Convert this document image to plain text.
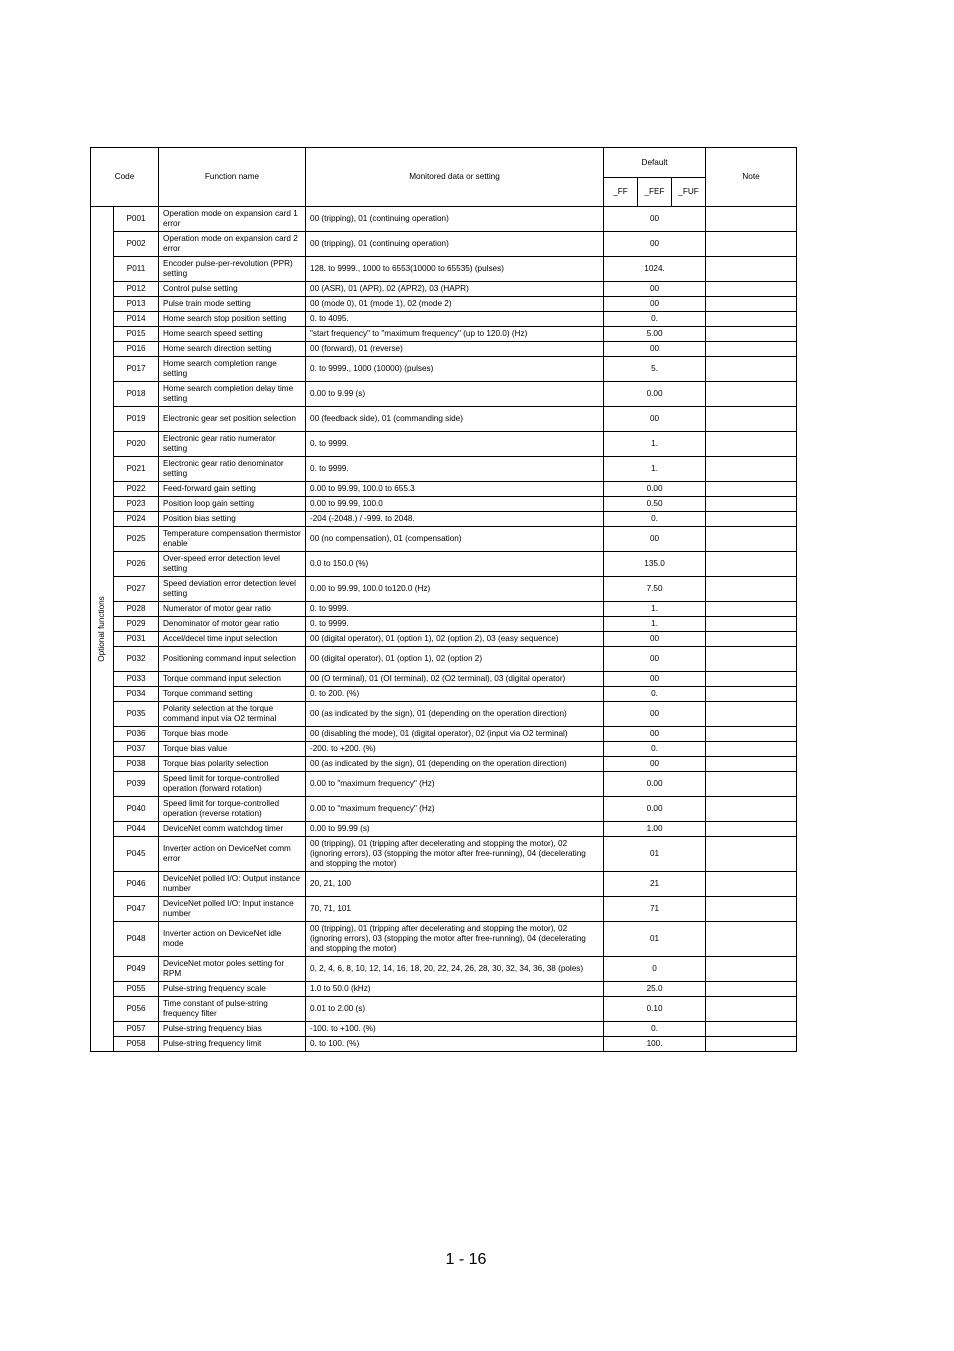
Code		Function name	Monitored data or setting	Default			Note
				_FF	_FEF	_FUF	

Optional functions	P001	Operation mode on expansion card 1 error	00 (tripping), 01 (continuing operation)	00			
	P002	Operation mode on expansion card 2 error	00 (tripping), 01 (continuing operation)	00			
	P011	Encoder pulse-per-revolution (PPR) setting	128. to 9999., 1000 to 6553(10000 to 65535) (pulses)	1024.			
	P012	Control pulse setting	00 (ASR), 01 (APR), 02 (APR2), 03 (HAPR)	00			
	P013	Pulse train mode setting	00 (mode 0), 01 (mode 1), 02 (mode 2)	00			
	P014	Home search stop position setting	0. to 4095.	0.			
	P015	Home search speed setting	"start frequency" to "maximum frequency" (up to 120.0) (Hz)	5.00			
	P016	Home search direction setting	00 (forward), 01 (reverse)	00			
	P017	Home search completion range setting	0. to 9999., 1000 (10000) (pulses)	5.			
	P018	Home search completion delay time setting	0.00 to 9.99 (s)	0.00			
	P019	Electronic gear set position selection	00 (feedback side), 01 (commanding side)	00			
	P020	Electronic gear ratio numerator setting	0. to 9999.	1.			
	P021	Electronic gear ratio denominator setting	0. to 9999.	1.			
	P022	Feed-forward gain setting	0.00 to 99.99, 100.0 to 655.3	0.00			
	P023	Position loop gain setting	0.00 to 99.99, 100.0	0.50			
	P024	Position bias setting	-204 (-2048.) / -999. to 2048.	0.			
	P025	Temperature compensation thermistor enable	00 (no compensation), 01 (compensation)	00			
	P026	Over-speed error detection level setting	0.0 to 150.0 (%)	135.0			
	P027	Speed deviation error detection level setting	0.00 to 99.99, 100.0 to120.0 (Hz)	7.50			
	P028	Numerator of motor gear ratio	0. to 9999.	1.			
	P029	Denominator of motor gear ratio	0. to 9999.	1.			
	P031	Accel/decel time input selection	00 (digital operator), 01 (option 1), 02 (option 2), 03 (easy sequence)	00			
	P032	Positioning command input selection	00 (digital operator), 01 (option 1), 02 (option 2)	00			
	P033	Torque command input selection	00 (O terminal), 01 (OI terminal), 02 (O2 terminal), 03 (digital operator)	00			
	P034	Torque command setting	0. to 200. (%)	0.			
	P035	Polarity selection at the torque command input via O2 terminal	00 (as indicated by the sign), 01 (depending on the operation direction)	00			
	P036	Torque bias mode	00 (disabling the mode), 01 (digital operator), 02 (input via O2 terminal)	00			
	P037	Torque bias value	-200. to +200. (%)	0.			
	P038	Torque bias polarity selection	00 (as indicated by the sign), 01 (depending on the operation direction)	00			
	P039	Speed limit for torque-controlled operation (forward rotation)	0.00 to "maximum frequency" (Hz)	0.00			
	P040	Speed limit for torque-controlled operation (reverse rotation)	0.00 to "maximum frequency" (Hz)	0.00			
	P044	DeviceNet comm watchdog timer	0.00 to 99.99 (s)	1.00			
	P045	Inverter action on DeviceNet comm error	00 (tripping), 01 (tripping after decelerating and stopping the motor), 02 (ignoring errors), 03 (stopping the motor after free-running), 04 (decelerating and stopping the motor)	01			
	P046	DeviceNet polled I/O: Output instance number	20, 21, 100	21			
	P047	DeviceNet polled I/O: Input instance number	70, 71, 101	71			
	P048	Inverter action on DeviceNet idle mode	00 (tripping), 01 (tripping after decelerating and stopping the motor), 02 (ignoring errors), 03 (stopping the motor after free-running), 04 (decelerating and stopping the motor)	01			
	P049	DeviceNet motor poles setting for RPM	0, 2, 4, 6, 8, 10, 12, 14, 16, 18, 20, 22, 24, 26, 28, 30, 32, 34, 36, 38 (poles)	0			
	P055	Pulse-string frequency scale	1.0 to 50.0 (kHz)	25.0			
	P056	Time constant of pulse-string frequency filter	0.01 to 2.00 (s)	0.10			
	P057	Pulse-string frequency bias	-100. to +100. (%)	0.			
	P058	Pulse-string frequency limit	0. to 100. (%)	100.			
1 - 16
